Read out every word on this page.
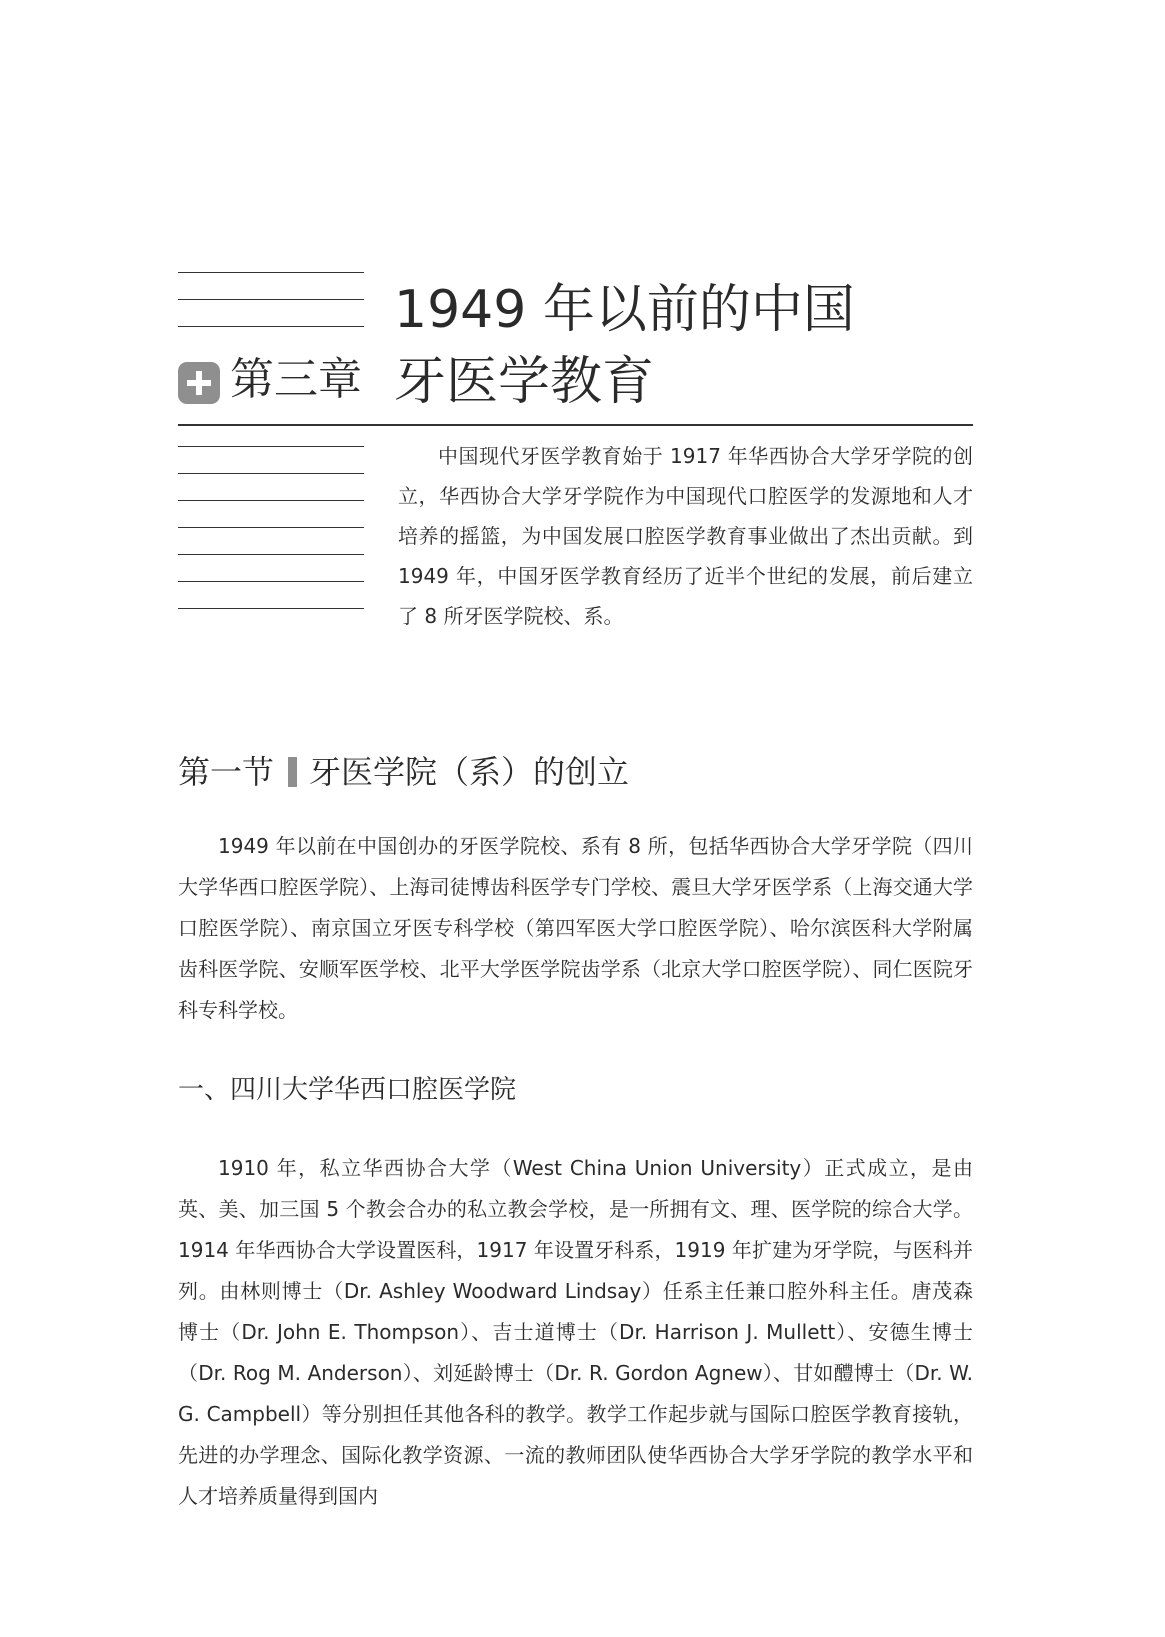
第三章
1949 年以前的中国
牙医学教育

中国现代牙医学教育始于 1917 年华西协合大学牙学院的创立，华西协合大学牙学院作为中国现代口腔医学的发源地和人才培养的摇篮，为中国发展口腔医学教育事业做出了杰出贡献。到 1949 年，中国牙医学教育经历了近半个世纪的发展，前后建立了 8 所牙医学院校、系。

第一节 牙医学院（系）的创立

1949 年以前在中国创办的牙医学院校、系有 8 所，包括华西协合大学牙学院（四川大学华西口腔医学院）、上海司徒博齿科医学专门学校、震旦大学牙医学系（上海交通大学口腔医学院）、南京国立牙医专科学校（第四军医大学口腔医学院）、哈尔滨医科大学附属齿科医学院、安顺军医学校、北平大学医学院齿学系（北京大学口腔医学院）、同仁医院牙科专科学校。

一、四川大学华西口腔医学院

1910 年，私立华西协合大学（West China Union University）正式成立，是由英、美、加三国 5 个教会合办的私立教会学校，是一所拥有文、理、医学院的综合大学。1914 年华西协合大学设置医科，1917 年设置牙科系，1919 年扩建为牙学院，与医科并列。由林则博士（Dr. Ashley Woodward Lindsay）任系主任兼口腔外科主任。唐茂森博士（Dr. John E. Thompson）、吉士道博士（Dr. Harrison J. Mullett）、安德生博士（Dr. Rog M. Anderson）、刘延龄博士（Dr. R. Gordon Agnew）、甘如醴博士（Dr. W. G. Campbell）等分别担任其他各科的教学。教学工作起步就与国际口腔医学教育接轨，先进的办学理念、国际化教学资源、一流的教师团队使华西协合大学牙学院的教学水平和人才培养质量得到国内
